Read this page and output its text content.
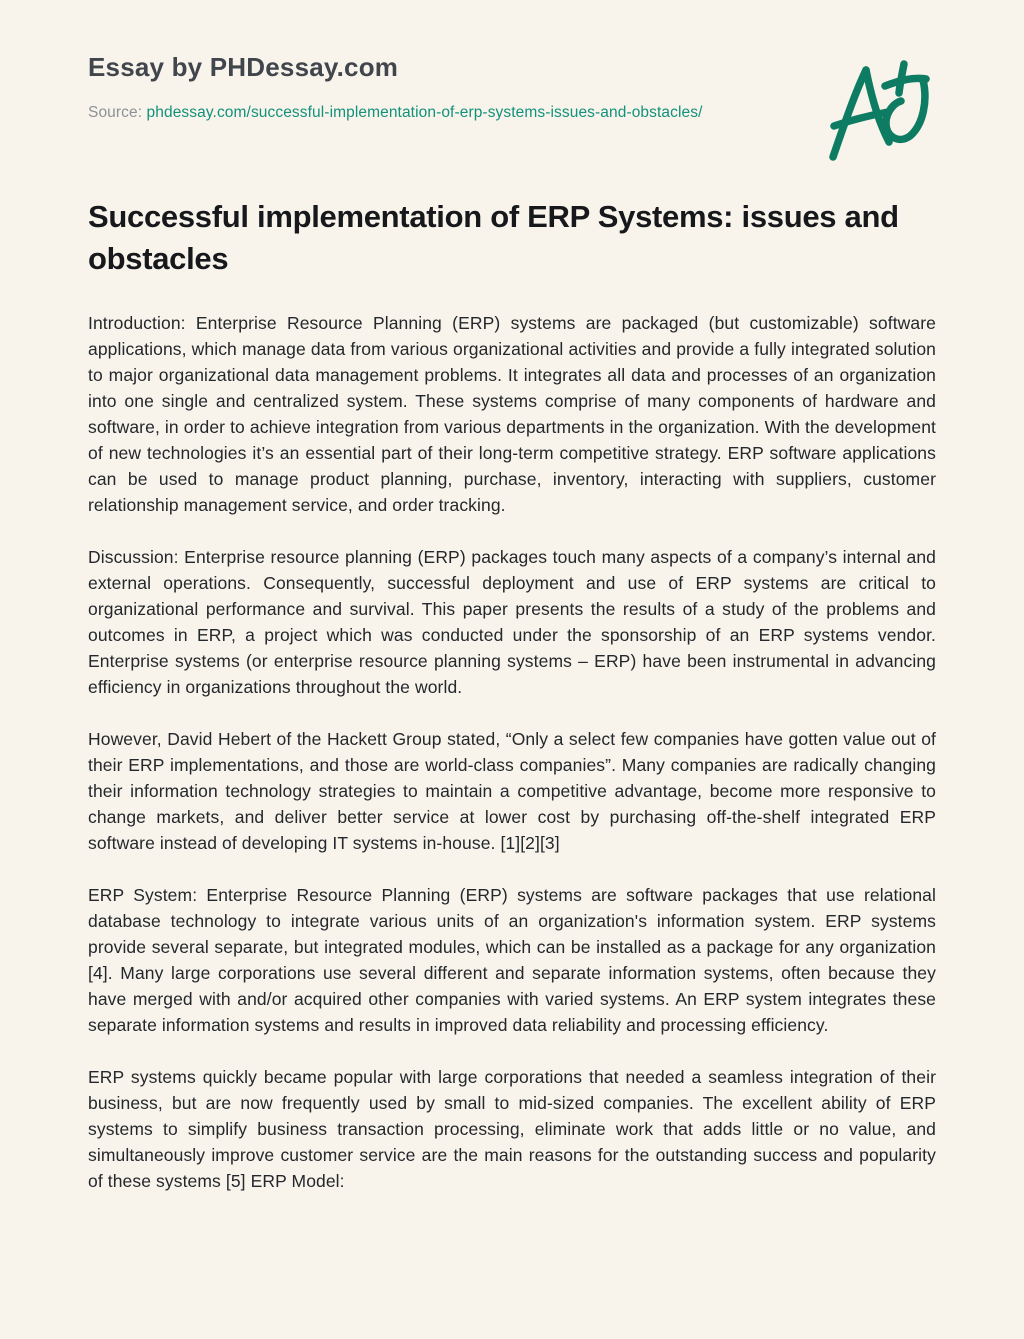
Essay by PHDessay.com
Source: phdessay.com/successful-implementation-of-erp-systems-issues-and-obstacles/
Successful implementation of ERP Systems: issues and obstacles

Introduction: Enterprise Resource Planning (ERP) systems are packaged (but customizable) software applications, which manage data from various organizational activities and provide a fully integrated solution to major organizational data management problems. It integrates all data and processes of an organization into one single and centralized system. These systems comprise of many components of hardware and software, in order to achieve integration from various departments in the organization. With the development of new technologies it’s an essential part of their long-term competitive strategy. ERP software applications can be used to manage product planning, purchase, inventory, interacting with suppliers, customer relationship management service, and order tracking.

Discussion: Enterprise resource planning (ERP) packages touch many aspects of a company’s internal and external operations. Consequently, successful deployment and use of ERP systems are critical to organizational performance and survival. This paper presents the results of a study of the problems and outcomes in ERP, a project which was conducted under the sponsorship of an ERP systems vendor. Enterprise systems (or enterprise resource planning systems – ERP) have been instrumental in advancing efficiency in organizations throughout the world.

However, David Hebert of the Hackett Group stated, “Only a select few companies have gotten value out of their ERP implementations, and those are world-class companies”. Many companies are radically changing their information technology strategies to maintain a competitive advantage, become more responsive to change markets, and deliver better service at lower cost by purchasing off-the-shelf integrated ERP software instead of developing IT systems in-house. [1][2][3]

ERP System: Enterprise Resource Planning (ERP) systems are software packages that use relational database technology to integrate various units of an organization's information system. ERP systems provide several separate, but integrated modules, which can be installed as a package for any organization [4]. Many large corporations use several different and separate information systems, often because they have merged with and/or acquired other companies with varied systems. An ERP system integrates these separate information systems and results in improved data reliability and processing efficiency.

ERP systems quickly became popular with large corporations that needed a seamless integration of their business, but are now frequently used by small to mid-sized companies. The excellent ability of ERP systems to simplify business transaction processing, eliminate work that adds little or no value, and simultaneously improve customer service are the main reasons for the outstanding success and popularity of these systems [5] ERP Model:
